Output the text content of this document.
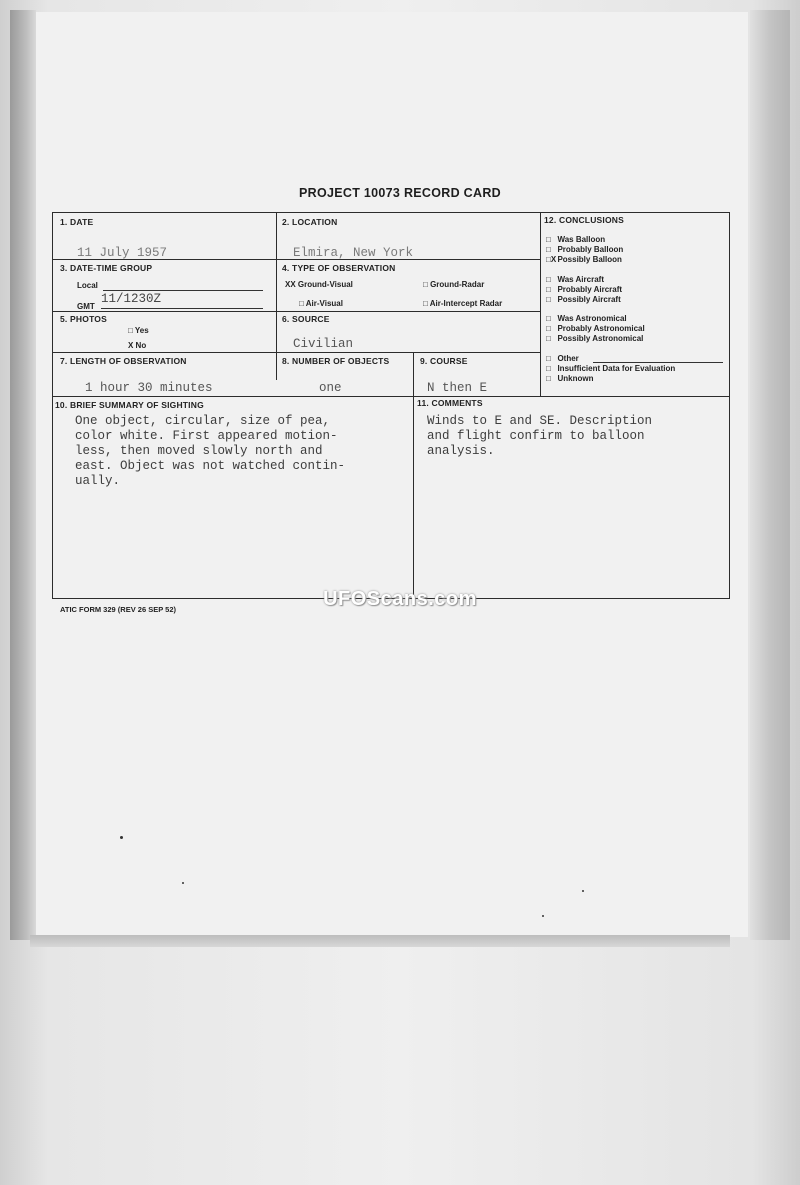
PROJECT 10073 RECORD CARD
1. DATE
11 July 1957
2. LOCATION
Elmira, New York
3. DATE-TIME GROUP
Local
GMT
11/1230Z
4. TYPE OF OBSERVATION
XX Ground-Visual	□ Ground-Radar
□ Air-Visual	□ Air-Intercept Radar
5. PHOTOS
□ Yes
X No
6. SOURCE
Civilian
7. LENGTH OF OBSERVATION
1 hour 30 minutes
8. NUMBER OF OBJECTS
one
9. COURSE
N then E
10. BRIEF SUMMARY OF SIGHTING
One object, circular, size of pea,
color white. First appeared motion-
less, then moved slowly north and
east. Object was not watched contin-
ually.
11. COMMENTS
Winds to E and SE. Description
and flight confirm to balloon
analysis.
12. CONCLUSIONS
□ Was Balloon
□ Probably Balloon
□X  Possibly Balloon
□ Was Aircraft
□ Probably Aircraft
□ Possibly Aircraft
□ Was Astronomical
□ Probably Astronomical
□ Possibly Astronomical
□ Other
□ Insufficient Data for Evaluation
□ Unknown
UFOScans.com
ATIC FORM 329 (REV 26 SEP 52)
